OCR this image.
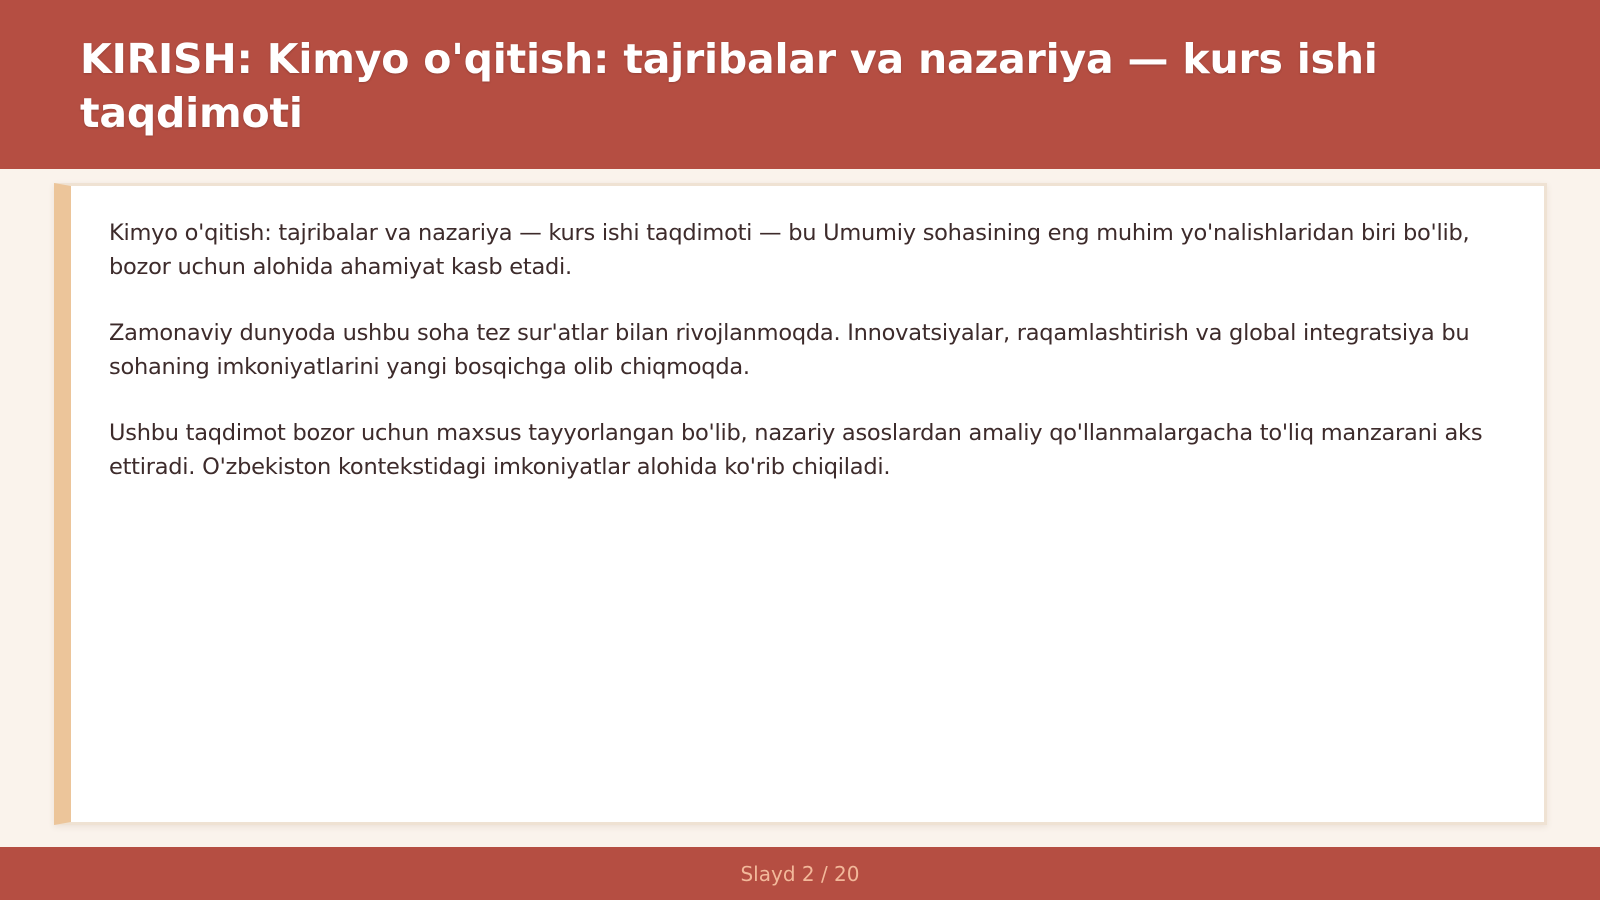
KIRISH: Kimyo o'qitish: tajribalar va nazariya — kurs ishi taqdimoti

Kimyo o'qitish: tajribalar va nazariya — kurs ishi taqdimoti — bu Umumiy sohasining eng muhim yo'nalishlaridan biri bo'lib, bozor uchun alohida ahamiyat kasb etadi.

Zamonaviy dunyoda ushbu soha tez sur'atlar bilan rivojlanmoqda. Innovatsiyalar, raqamlashtirish va global integratsiya bu sohaning imkoniyatlarini yangi bosqichga olib chiqmoqda.

Ushbu taqdimot bozor uchun maxsus tayyorlangan bo'lib, nazariy asoslardan amaliy qo'llanmalargacha to'liq manzarani aks ettiradi. O'zbekiston kontekstidagi imkoniyatlar alohida ko'rib chiqiladi.

Slayd 2 / 20
